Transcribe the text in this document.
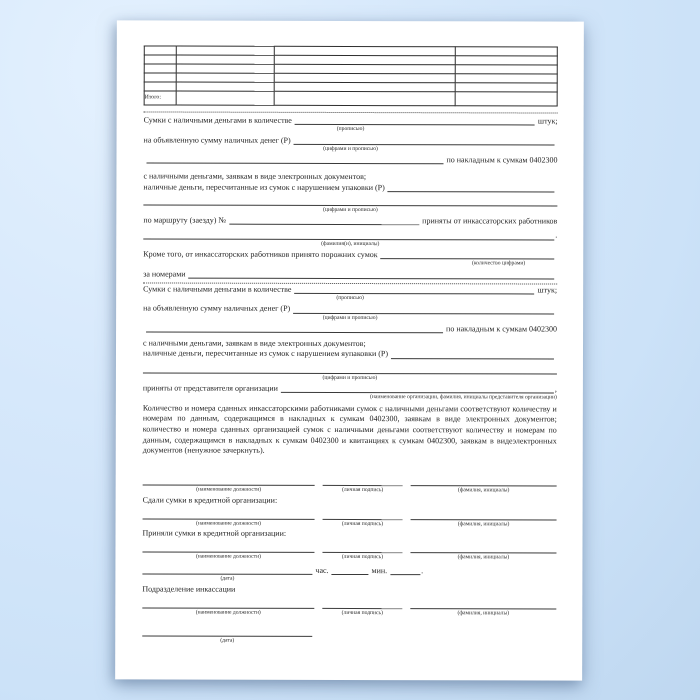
Итого:			
Сумки с наличными деньгами в количестве	штук;
(прописью)
на объявленную сумму наличных денег (Р)
(цифрами и прописью)
по накладным к сумкам 0402300
с наличными деньгами, заявкам в виде электронных документов;
наличные деньги, пересчитанные из сумок с нарушением упаковки (Р)
(цифрами и прописью)
по маршруту (заезду) №	приняты от инкассаторских работников
.
(фамилия(и), инициалы)
Кроме того, от инкассаторских работников принято порожних сумок
(количество цифрами)
за номерами
Сумки с наличными деньгами в количестве	штук;
(прописью)
на объявленную сумму наличных денег (Р)
(цифрами и прописью)
по накладным к сумкам 0402300
с наличными деньгами, заявкам в виде электронных документов;
наличные деньги, пересчитанные из сумок с нарушением яупаковки (Р)
(цифрами и прописью)
приняты от представителя организации	,
(наименование организации, фамилия, инициалы представителя организации)
Количество и номера сданных инкассаторскими работниками сумок с наличными деньгами соответствуют количеству и номерам по данным, содержащимся в накладных к сумкам 0402300, заявкам в виде электронных документов; количество и номера сданных организацией сумок с наличными деньгами соответствуют количеству и номерам по данным, содержащимся в накладных к сумкам 0402300 и квитанциях к сумкам 0402300, заявкам в видеэлектронных документов (ненужное зачеркнуть).
(наименование должности)	(личная подпись)	(фамилия, инициалы)
Сдали сумки в кредитной организации:
(наименование должности)	(личная подпись)	(фамилия, инициалы)
Приняли сумки в кредитной организации:
(наименование должности)	(личная подпись)	(фамилия, инициалы)
час.	мин.	.
(дата)
Подразделение инкассации
(наименование должности)	(личная подпись)	(фамилия, инициалы)
(дата)
